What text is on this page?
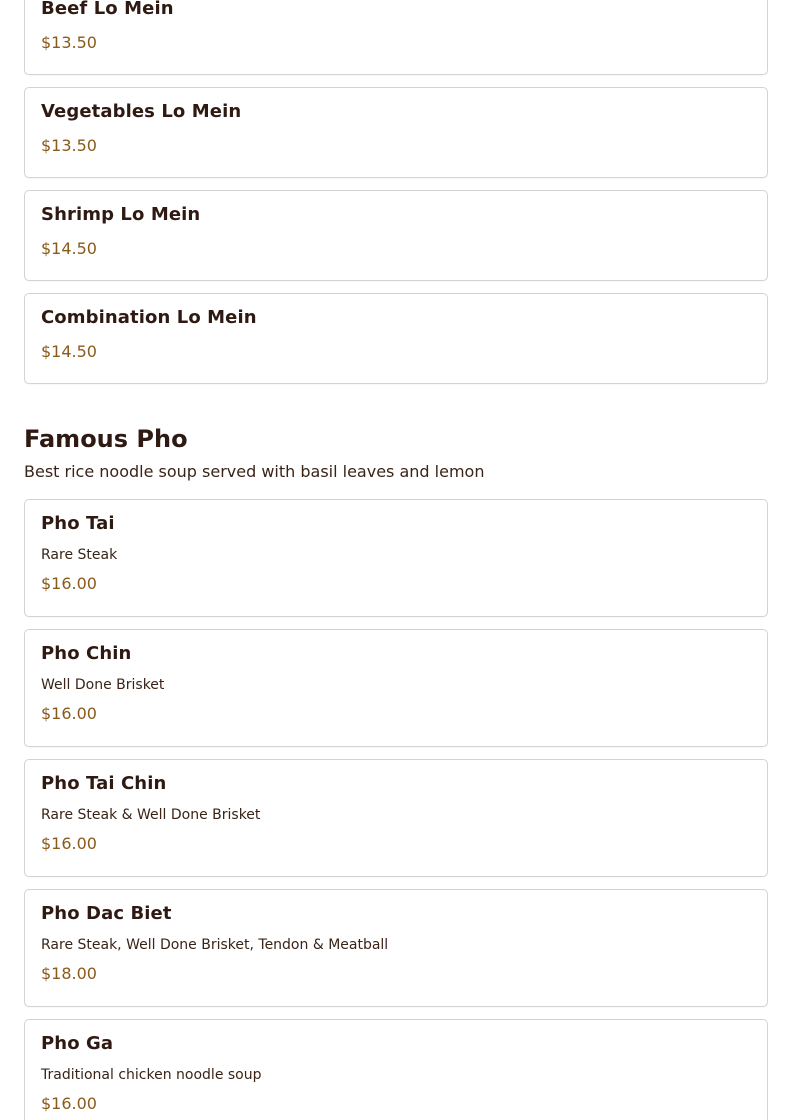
Beef Lo Mein
$13.50
Vegetables Lo Mein
$13.50
Shrimp Lo Mein
$14.50
Combination Lo Mein
$14.50
Famous Pho
Best rice noodle soup served with basil leaves and lemon
Pho Tai
Rare Steak
$16.00
Pho Chin
Well Done Brisket
$16.00
Pho Tai Chin
Rare Steak & Well Done Brisket
$16.00
Pho Dac Biet
Rare Steak, Well Done Brisket, Tendon & Meatball
$18.00
Pho Ga
Traditional chicken noodle soup
$16.00
